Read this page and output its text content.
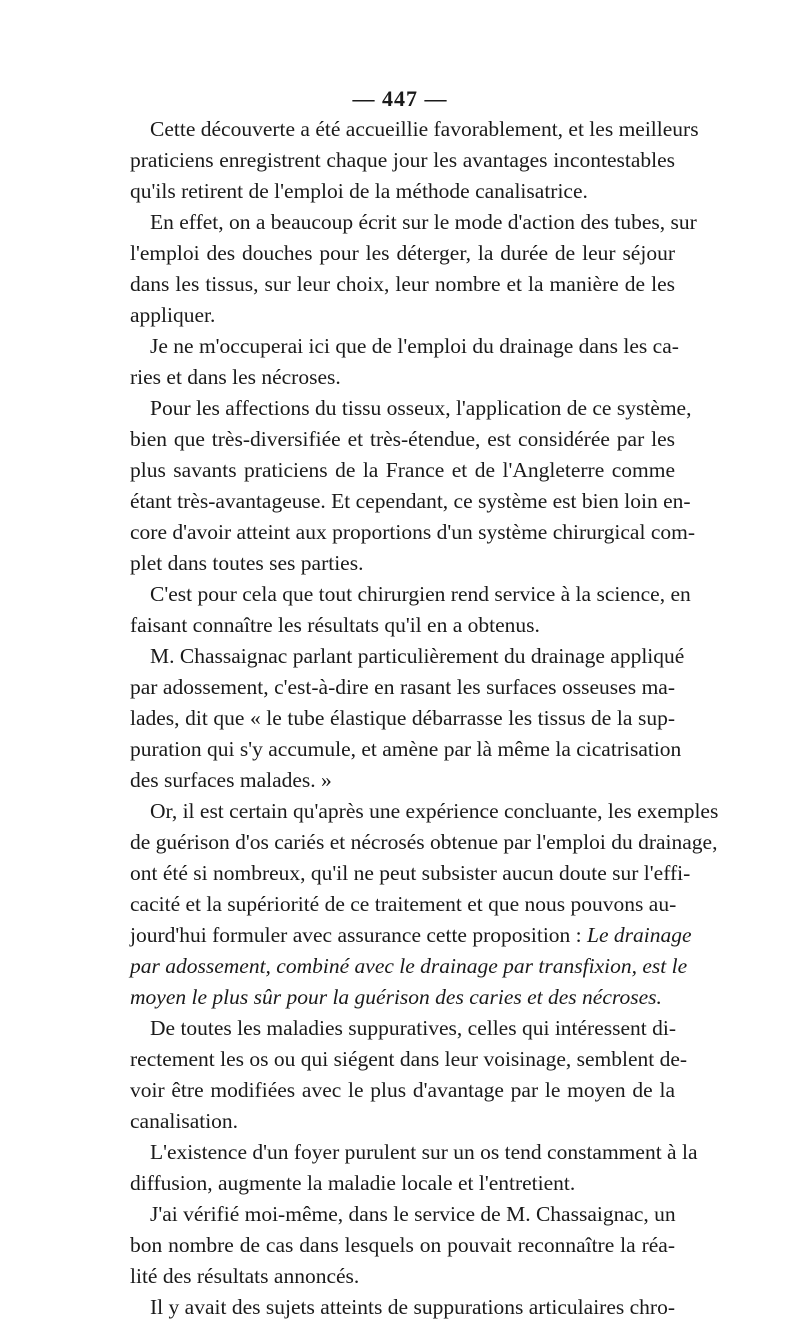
— 447 —
Cette découverte a été accueillie favorablement, et les meilleurs
praticiens enregistrent chaque jour les avantages incontestables
qu'ils retirent de l'emploi de la méthode canalisatrice.
En effet, on a beaucoup écrit sur le mode d'action des tubes, sur
l'emploi des douches pour les déterger, la durée de leur séjour
dans les tissus, sur leur choix, leur nombre et la manière de les
appliquer.
Je ne m'occuperai ici que de l'emploi du drainage dans les ca-
ries et dans les nécroses.
Pour les affections du tissu osseux, l'application de ce système,
bien que très-diversifiée et très-étendue, est considérée par les
plus savants praticiens de la France et de l'Angleterre comme
étant très-avantageuse. Et cependant, ce système est bien loin en-
core d'avoir atteint aux proportions d'un système chirurgical com-
plet dans toutes ses parties.
C'est pour cela que tout chirurgien rend service à la science, en
faisant connaître les résultats qu'il en a obtenus.
M. Chassaignac parlant particulièrement du drainage appliqué
par adossement, c'est-à-dire en rasant les surfaces osseuses ma-
lades, dit que « le tube élastique débarrasse les tissus de la sup-
puration qui s'y accumule, et amène par là même la cicatrisation
des surfaces malades. »
Or, il est certain qu'après une expérience concluante, les exemples
de guérison d'os cariés et nécrosés obtenue par l'emploi du drainage,
ont été si nombreux, qu'il ne peut subsister aucun doute sur l'effi-
cacité et la supériorité de ce traitement et que nous pouvons au-
jourd'hui formuler avec assurance cette proposition : Le drainage
par adossement, combiné avec le drainage par transfixion, est le
moyen le plus sûr pour la guérison des caries et des nécroses.
De toutes les maladies suppuratives, celles qui intéressent di-
rectement les os ou qui siégent dans leur voisinage, semblent de-
voir être modifiées avec le plus d'avantage par le moyen de la
canalisation.
L'existence d'un foyer purulent sur un os tend constamment à la
diffusion, augmente la maladie locale et l'entretient.
J'ai vérifié moi-même, dans le service de M. Chassaignac, un
bon nombre de cas dans lesquels on pouvait reconnaître la réa-
lité des résultats annoncés.
Il y avait des sujets atteints de suppurations articulaires chro-
